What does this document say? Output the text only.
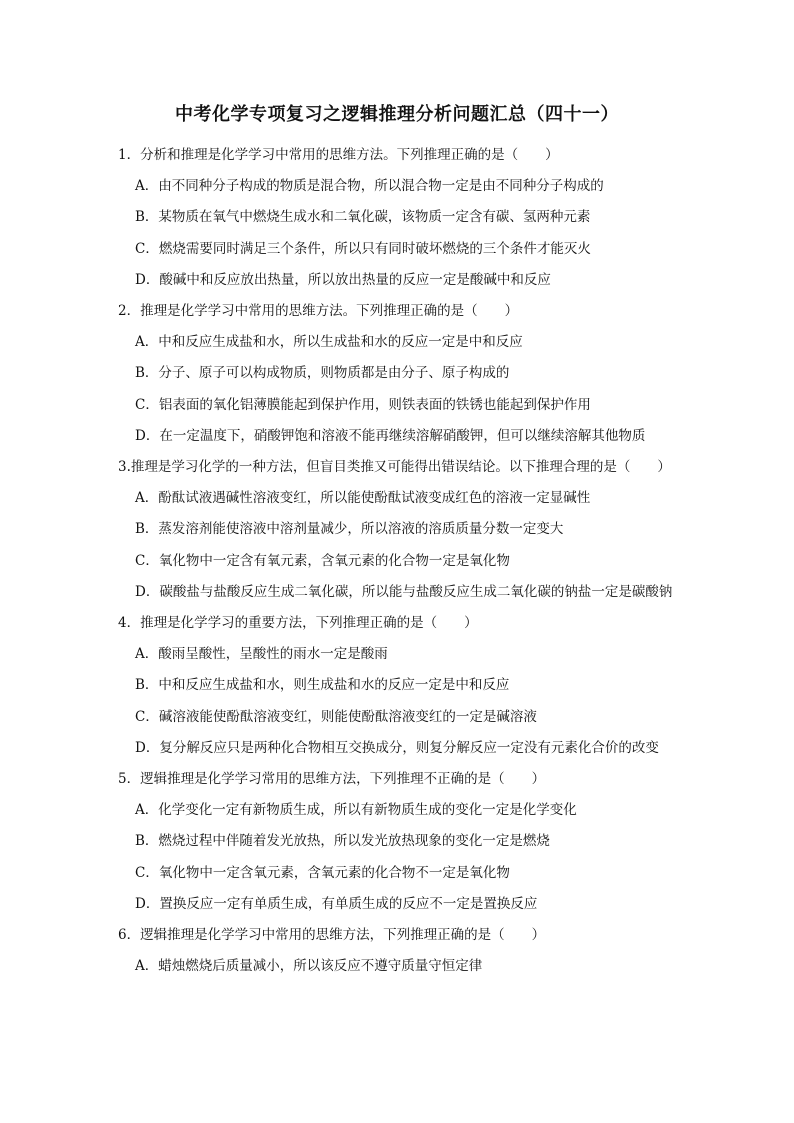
中考化学专项复习之逻辑推理分析问题汇总（四十一）
1．分析和推理是化学学习中常用的思维方法。下列推理正确的是（　　）
A．由不同种分子构成的物质是混合物，所以混合物一定是由不同种分子构成的
B．某物质在氧气中燃烧生成水和二氧化碳，该物质一定含有碳、氢两种元素
C．燃烧需要同时满足三个条件，所以只有同时破坏燃烧的三个条件才能灭火
D．酸碱中和反应放出热量，所以放出热量的反应一定是酸碱中和反应
2．推理是化学学习中常用的思维方法。下列推理正确的是（　　）
A．中和反应生成盐和水，所以生成盐和水的反应一定是中和反应
B．分子、原子可以构成物质，则物质都是由分子、原子构成的
C．铝表面的氧化铝薄膜能起到保护作用，则铁表面的铁锈也能起到保护作用
D．在一定温度下，硝酸钾饱和溶液不能再继续溶解硝酸钾，但可以继续溶解其他物质
3.推理是学习化学的一种方法，但盲目类推又可能得出错误结论。以下推理合理的是（　　）
A．酚酞试液遇碱性溶液变红，所以能使酚酞试液变成红色的溶液一定显碱性
B．蒸发溶剂能使溶液中溶剂量减少，所以溶液的溶质质量分数一定变大
C．氧化物中一定含有氧元素，含氧元素的化合物一定是氧化物
D．碳酸盐与盐酸反应生成二氧化碳，所以能与盐酸反应生成二氧化碳的钠盐一定是碳酸钠
4．推理是化学学习的重要方法，下列推理正确的是（　　）
A．酸雨呈酸性，呈酸性的雨水一定是酸雨
B．中和反应生成盐和水，则生成盐和水的反应一定是中和反应
C．碱溶液能使酚酞溶液变红，则能使酚酞溶液变红的一定是碱溶液
D．复分解反应只是两种化合物相互交换成分，则复分解反应一定没有元素化合价的改变
5．逻辑推理是化学学习常用的思维方法，下列推理不正确的是（　　）
A．化学变化一定有新物质生成，所以有新物质生成的变化一定是化学变化
B．燃烧过程中伴随着发光放热，所以发光放热现象的变化一定是燃烧
C．氧化物中一定含氧元素，含氧元素的化合物不一定是氧化物
D．置换反应一定有单质生成，有单质生成的反应不一定是置换反应
6．逻辑推理是化学学习中常用的思维方法，下列推理正确的是（　　）
A．蜡烛燃烧后质量减小，所以该反应不遵守质量守恒定律
